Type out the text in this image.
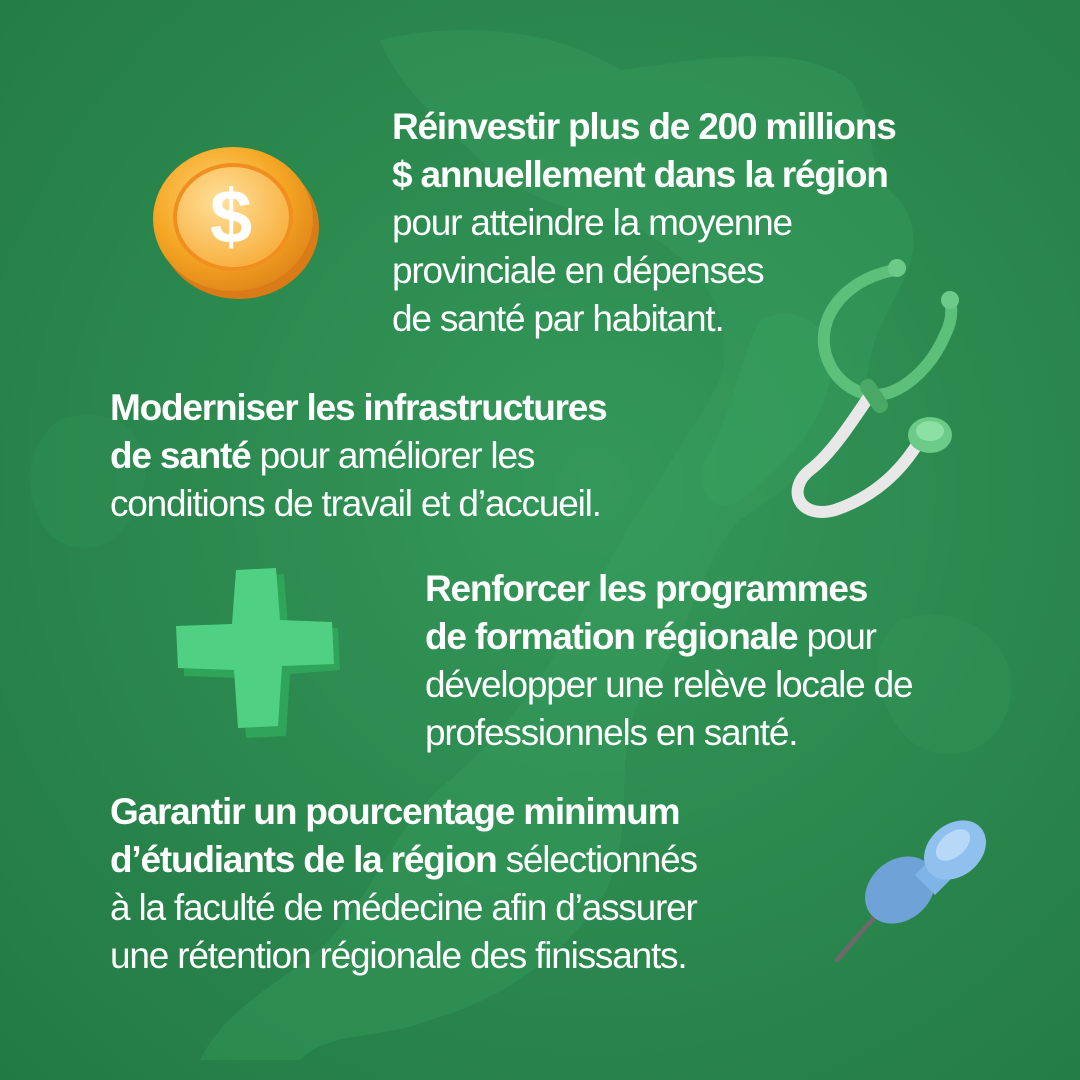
$
Réinvestir plus de 200 millions
$ annuellement dans la région
pour atteindre la moyenne
provinciale en dépenses
de santé par habitant.
Moderniser les infrastructures
de santé pour améliorer les
conditions de travail et d’accueil.
Renforcer les programmes
de formation régionale pour
développer une relève locale de
professionnels en santé.
Garantir un pourcentage minimum
d’étudiants de la région sélectionnés
à la faculté de médecine afin d’assurer
une rétention régionale des finissants.
